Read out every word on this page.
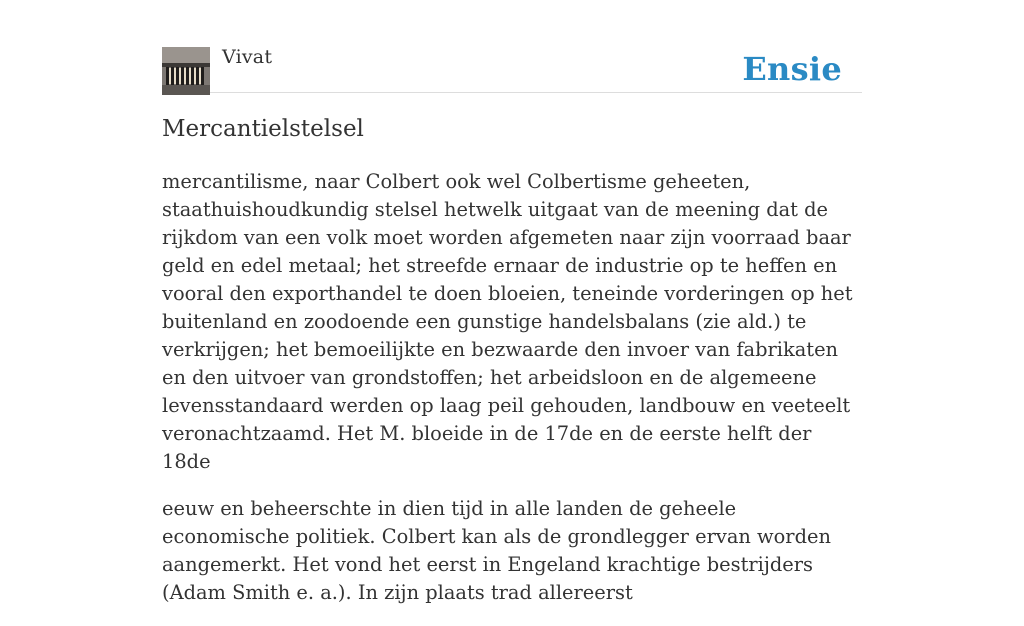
Vivat	Ensie
Mercantielstelsel

mercantilisme, naar Colbert ook wel Colbertisme geheeten, staathuishoudkundig stelsel hetwelk uitgaat van de meening dat de rijkdom van een volk moet worden afgemeten naar zijn voorraad baar geld en edel metaal; het streefde ernaar de industrie op te heffen en vooral den exporthandel te doen bloeien, teneinde vorderingen op het buitenland en zoodoende een gunstige handelsbalans (zie ald.) te verkrijgen; het bemoeilijkte en bezwaarde den invoer van fabrikaten en den uitvoer van grondstoffen; het arbeidsloon en de algemeene levensstandaard werden op laag peil gehouden, landbouw en veeteelt veronachtzaamd. Het M. bloeide in de 17de en de eerste helft der 18de

eeuw en beheerschte in dien tijd in alle landen de geheele economische politiek. Colbert kan als de grondlegger ervan worden aangemerkt. Het vond het eerst in Engeland krachtige bestrijders (Adam Smith e. a.). In zijn plaats trad allereerst
